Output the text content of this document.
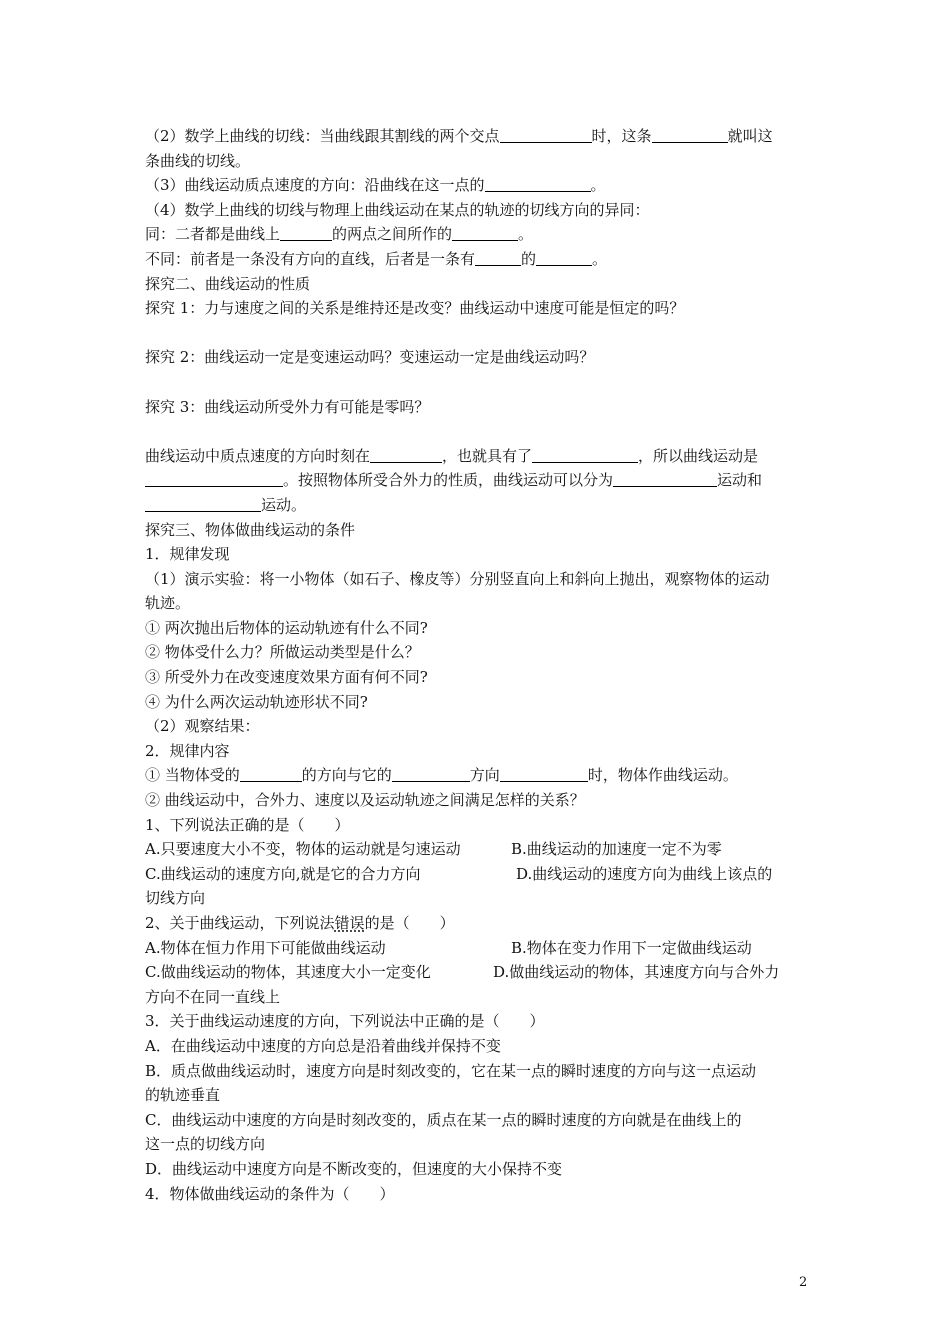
（2）数学上曲线的切线：当曲线跟其割线的两个交点	时，这条	就叫这
条曲线的切线。
（3）曲线运动质点速度的方向：沿曲线在这一点的	。
（4）数学上曲线的切线与物理上曲线运动在某点的轨迹的切线方向的异同：
同：二者都是曲线上	的两点之间所作的	。
不同：前者是一条没有方向的直线，后者是一条有	的	。
探究二、曲线运动的性质
探究 1：力与速度之间的关系是维持还是改变？曲线运动中速度可能是恒定的吗？
探究 2：曲线运动一定是变速运动吗？变速运动一定是曲线运动吗？
探究 3：曲线运动所受外力有可能是零吗？
曲线运动中质点速度的方向时刻在	，也就具有了	，所以曲线运动是
。按照物体所受合外力的性质，曲线运动可以分为	运动和
运动。
探究三、物体做曲线运动的条件
1．规律发现
（1）演示实验：将一小物体（如石子、橡皮等）分别竖直向上和斜向上抛出，观察物体的运动
轨迹。
① 两次抛出后物体的运动轨迹有什么不同?
② 物体受什么力？所做运动类型是什么？
③ 所受外力在改变速度效果方面有何不同?
④ 为什么两次运动轨迹形状不同?
（2）观察结果：
2．规律内容
① 当物体受的	的方向与它的	方向	时，物体作曲线运动。
② 曲线运动中，合外力、速度以及运动轨迹之间满足怎样的关系？
1、下列说法正确的是（　　）
A.只要速度大小不变，物体的运动就是匀速运动	B.曲线运动的加速度一定不为零
C.曲线运动的速度方向,就是它的合力方向	D.曲线运动的速度方向为曲线上该点的
切线方向
2、关于曲线运动，下列说法错误的是（　　）
A.物体在恒力作用下可能做曲线运动	B.物体在变力作用下一定做曲线运动
C.做曲线运动的物体，其速度大小一定变化	D.做曲线运动的物体，其速度方向与合外力
方向不在同一直线上
3．关于曲线运动速度的方向，下列说法中正确的是（　　）
A．在曲线运动中速度的方向总是沿着曲线并保持不变
B．质点做曲线运动时，速度方向是时刻改变的，它在某一点的瞬时速度的方向与这一点运动
的轨迹垂直
C．曲线运动中速度的方向是时刻改变的，质点在某一点的瞬时速度的方向就是在曲线上的
这一点的切线方向
D．曲线运动中速度方向是不断改变的，但速度的大小保持不变
4．物体做曲线运动的条件为（　　）
2
